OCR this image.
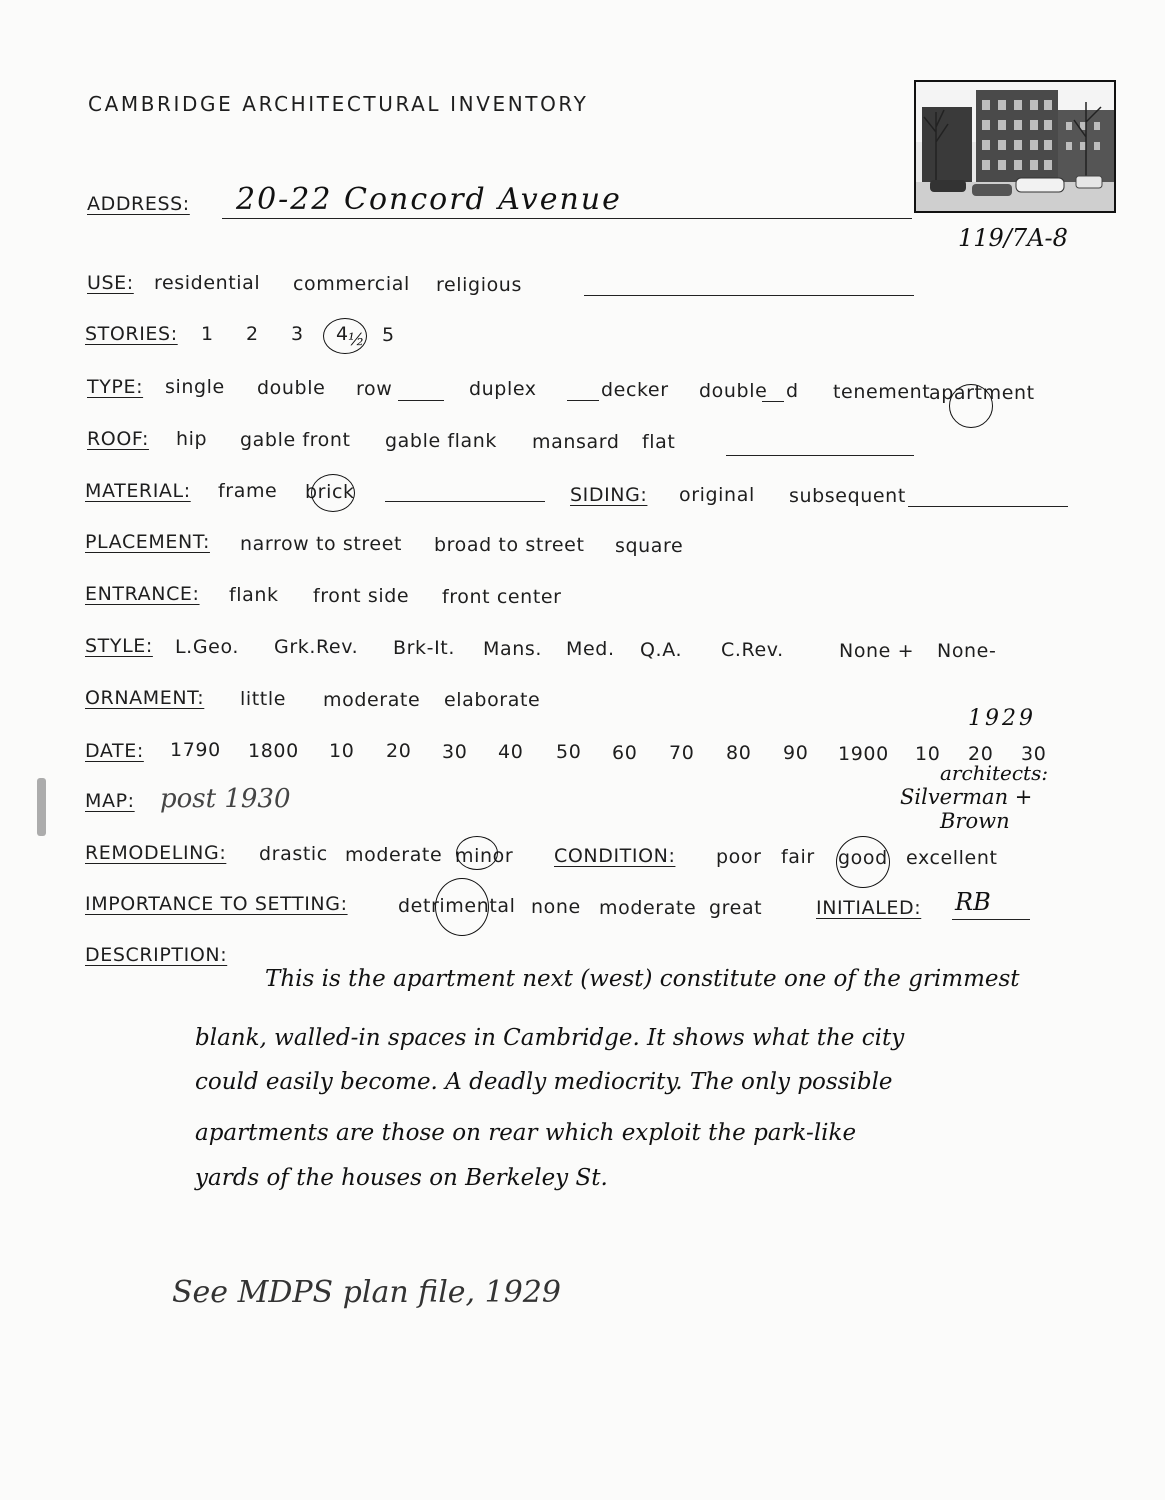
CAMBRIDGE ARCHITECTURAL INVENTORY
ADDRESS: 20-22 Concord Avenue
119/7A-8
USE: residential commercial religious
STORIES: 1 2 3 4 ½ 5
TYPE: single double row	duplex	decker double d tenement
apartment
ROOF: hip gable front gable flank mansard flat
MATERIAL: frame brick	SIDING: original subsequent
PLACEMENT: narrow to street broad to street square
ENTRANCE: flank front side front center
STYLE: L.Geo. Grk.Rev. Brk-It. Mans. Med. Q.A. C.Rev.	None + None-
ORNAMENT: little moderate elaborate
1929
DATE: 1790 1800 10 20 30 40 50 60 70 80 90 1900 10 20 30
architects:
Silverman +
Brown
MAP: post 1930
REMODELING: drastic moderate minor CONDITION: poor fair good excellent
IMPORTANCE TO SETTING:	detrimental none moderate great	INITIALED: RB
DESCRIPTION:
This is the apartment next (west) constitute one of the grimmest
blank, walled-in spaces in Cambridge. It shows what the city
could easily become. A deadly mediocrity. The only possible
apartments are those on rear which exploit the park-like
yards of the houses on Berkeley St.
See MDPS plan file, 1929
